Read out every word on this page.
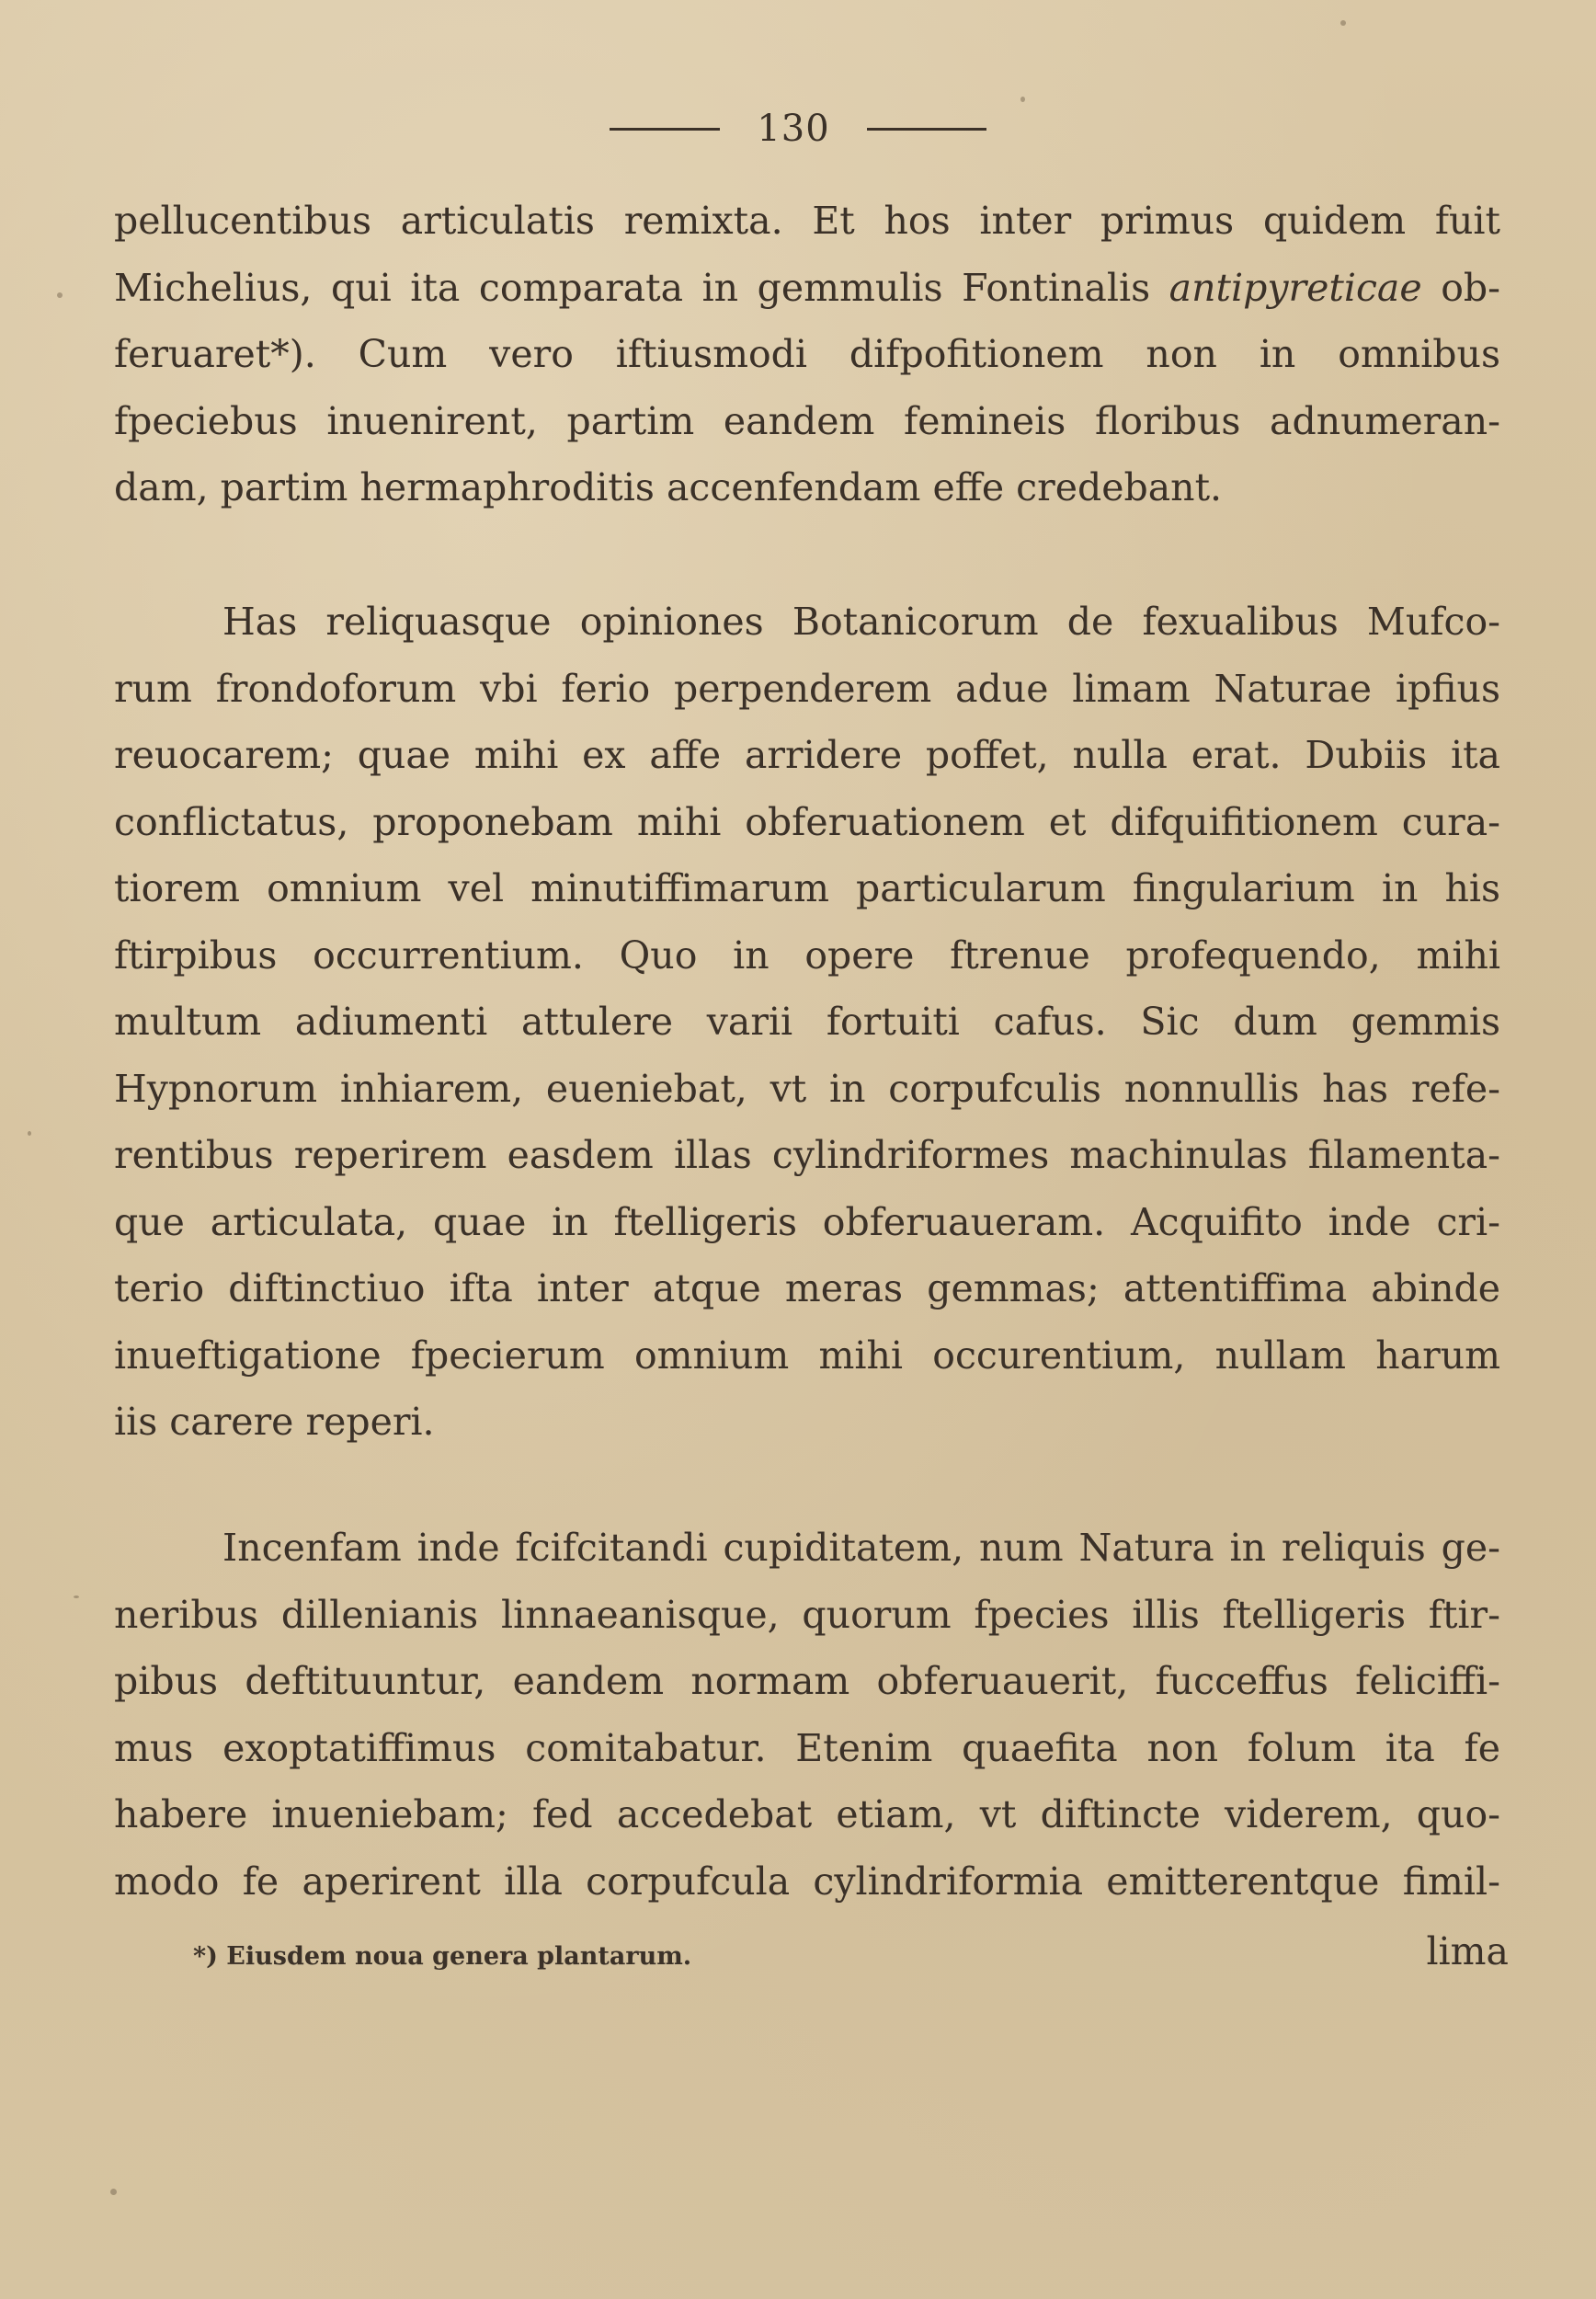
130
pellucentibus articulatis remixta. Et hos inter primus quidem fuit
Michelius, qui ita comparata in gemmulis Fontinalis antipyreticae ob-
feruaret*). Cum vero iftiusmodi difpofitionem non in omnibus
fpeciebus inuenirent, partim eandem femineis floribus adnumeran-
dam, partim hermaphroditis accenfendam effe credebant.
Has reliquasque opiniones Botanicorum de fexualibus Mufco-
rum frondoforum vbi ferio perpenderem adue limam Naturae ipfius
reuocarem; quae mihi ex affe arridere poffet, nulla erat. Dubiis ita
conflictatus, proponebam mihi obferuationem et difquifitionem cura-
tiorem omnium vel minutiffimarum particularum fingularium in his
ftirpibus occurrentium. Quo in opere ftrenue profequendo, mihi
multum adiumenti attulere varii fortuiti cafus. Sic dum gemmis
Hypnorum inhiarem, eueniebat, vt in corpufculis nonnullis has refe-
rentibus reperirem easdem illas cylindriformes machinulas filamenta-
que articulata, quae in ftelligeris obferuaueram. Acquifito inde cri-
terio diftinctiuo ifta inter atque meras gemmas; attentiffima abinde
inueftigatione fpecierum omnium mihi occurentium, nullam harum
iis carere reperi.
Incenfam inde fcifcitandi cupiditatem, num Natura in reliquis ge-
neribus dillenianis linnaeanisque, quorum fpecies illis ftelligeris ftir-
pibus deftituuntur, eandem normam obferuauerit, fucceffus feliciffi-
mus exoptatiffimus comitabatur. Etenim quaefita non folum ita fe
habere inueniebam; fed accedebat etiam, vt diftincte viderem, quo-
modo fe aperirent illa corpufcula cylindriformia emitterentque fimil-
*) Eiusdem noua genera plantarum.	lima
